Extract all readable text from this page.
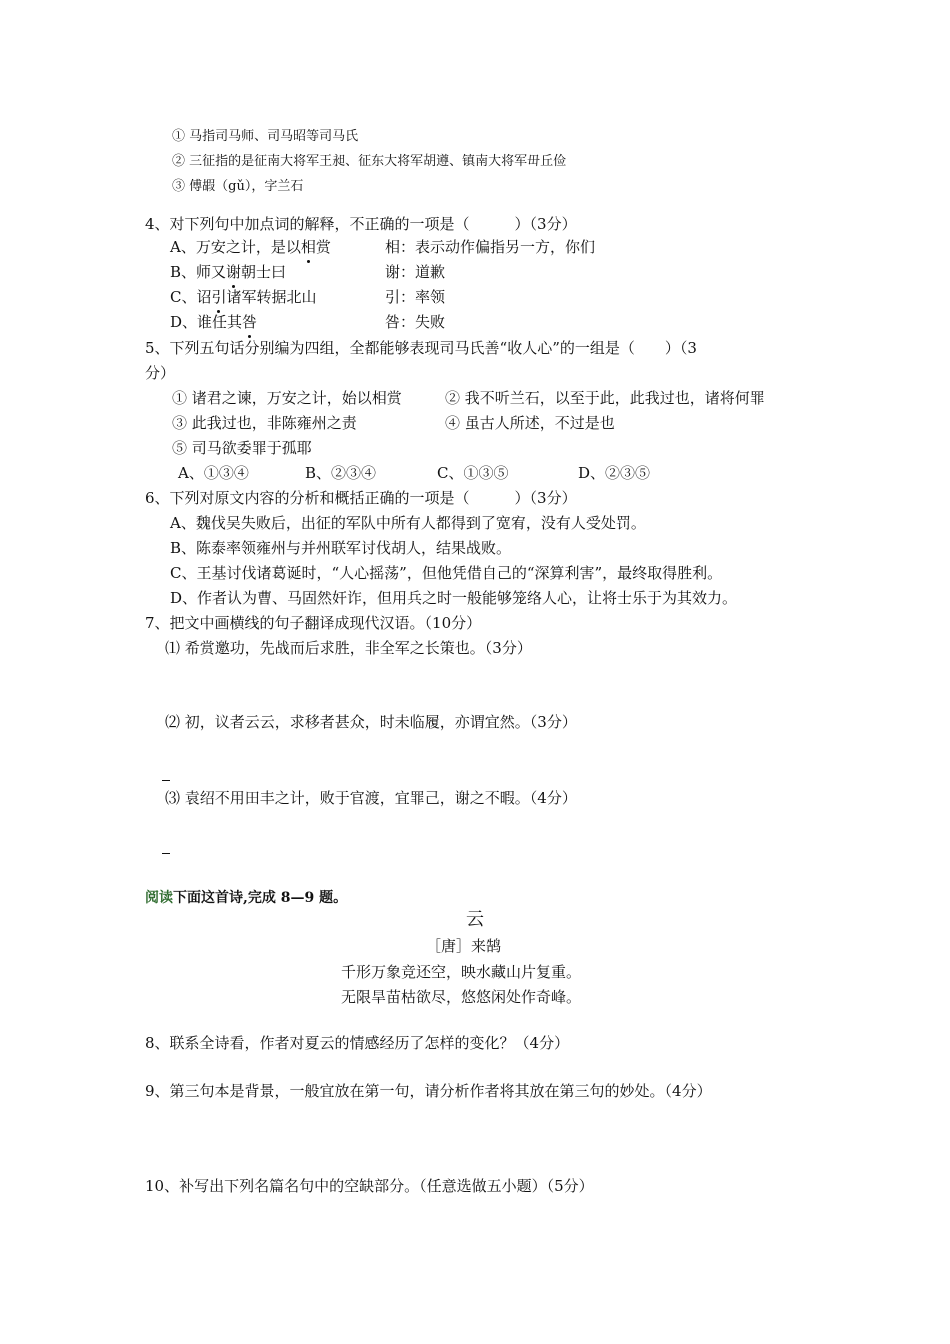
① 马指司马师、司马昭等司马氏
② 三征指的是征南大将军王昶、征东大将军胡遵、镇南大将军毌丘俭
③ 傅嘏（gǔ），字兰石
4、对下列句中加点词的解释，不正确的一项是（　　　）（3分）
A、万安之计，是以相赏	相：表示动作偏指另一方，你们
B、师又谢朝士曰	谢：道歉
C、诏引诸军转据北山	引：率领
D、谁任其咎	咎：失败
5、下列五句话分别编为四组，全都能够表现司马氏善“收人心”的一组是（　　）（3
分）
① 诸君之谏，万安之计，始以相赏	② 我不听兰石，以至于此，此我过也，诸将何罪
③ 此我过也，非陈雍州之责	④ 虽古人所述，不过是也
⑤ 司马欲委罪于孤耶
A、①③④	B、②③④	C、①③⑤	D、②③⑤
6、下列对原文内容的分析和概括正确的一项是（　　　）（3分）
A、魏伐吴失败后，出征的军队中所有人都得到了宽宥，没有人受处罚。
B、陈泰率领雍州与并州联军讨伐胡人，结果战败。
C、王基讨伐诸葛诞时，“人心摇荡”，但他凭借自己的“深算利害”，最终取得胜利。
D、作者认为曹、马固然奸诈，但用兵之时一般能够笼络人心，让将士乐于为其效力。
7、把文中画横线的句子翻译成现代汉语。（10分）
⑴ 希赏邀功，先战而后求胜，非全军之长策也。（3分）
⑵ 初，议者云云，求移者甚众，时未临履，亦谓宜然。（3分）
⑶ 袁绍不用田丰之计，败于官渡，宜罪己，谢之不暇。（4分）
阅读下面这首诗,完成 8—9 题。
云
［唐］来鹄
千形万象竞还空，映水藏山片复重。
无限旱苗枯欲尽，悠悠闲处作奇峰。
8、联系全诗看，作者对夏云的情感经历了怎样的变化？（4分）
9、第三句本是背景，一般宜放在第一句，请分析作者将其放在第三句的妙处。（4分）
10、补写出下列名篇名句中的空缺部分。（任意选做五小题）（5分）
